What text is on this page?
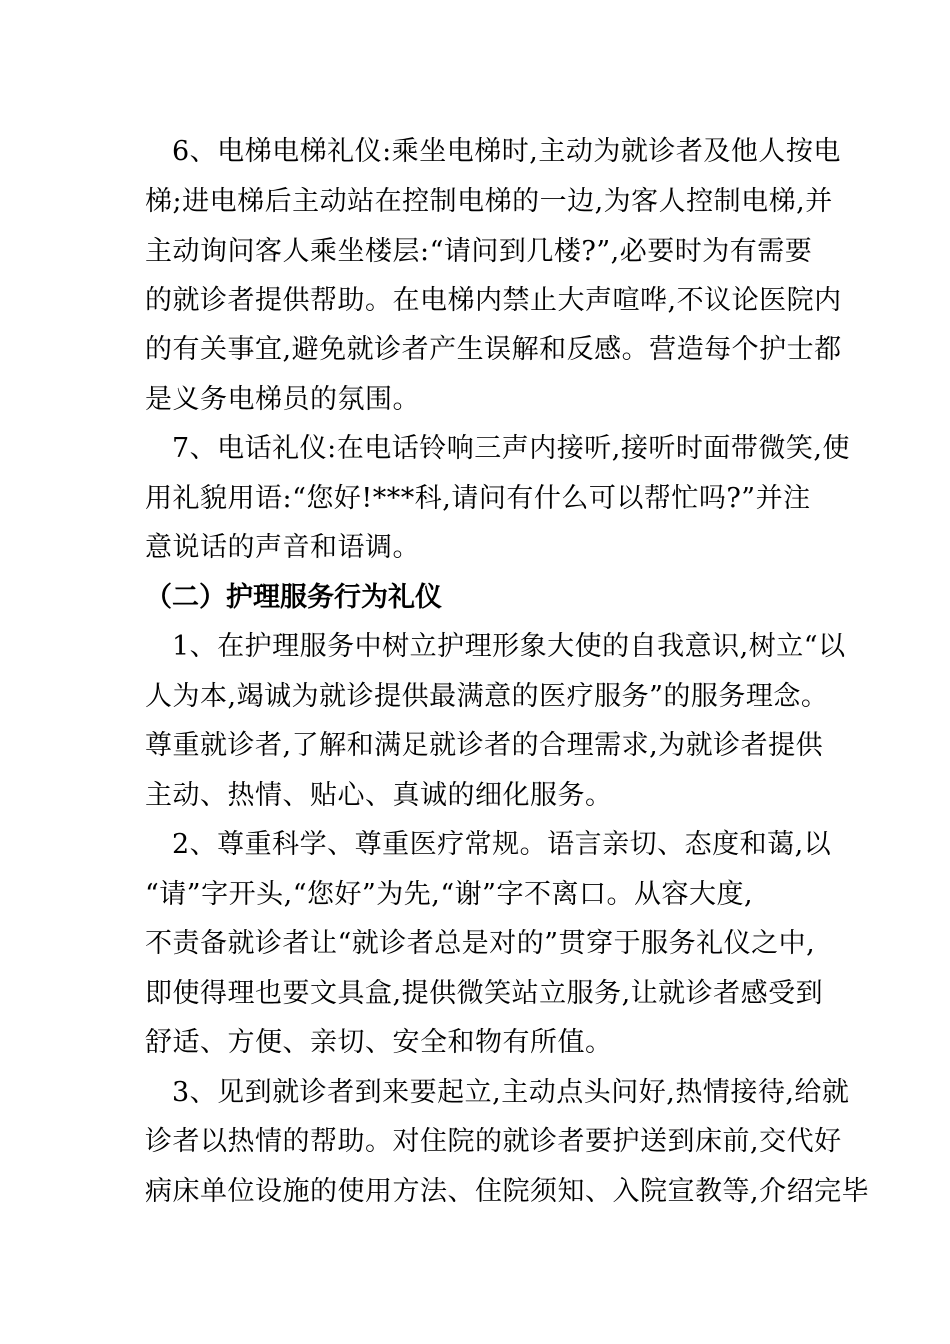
6、电梯电梯礼仪:乘坐电梯时,主动为就诊者及他人按电
梯;进电梯后主动站在控制电梯的一边,为客人控制电梯,并
主动询问客人乘坐楼层:“请问到几楼?”,必要时为有需要
的就诊者提供帮助。在电梯内禁止大声喧哗,不议论医院内
的有关事宜,避免就诊者产生误解和反感。营造每个护士都
是义务电梯员的氛围。
7、电话礼仪:在电话铃响三声内接听,接听时面带微笑,使
用礼貌用语:“您好!***科,请问有什么可以帮忙吗?”并注
意说话的声音和语调。
（二）护理服务行为礼仪
1、在护理服务中树立护理形象大使的自我意识,树立“以
人为本,竭诚为就诊提供最满意的医疗服务”的服务理念。
尊重就诊者,了解和满足就诊者的合理需求,为就诊者提供
主动、热情、贴心、真诚的细化服务。
2、尊重科学、尊重医疗常规。语言亲切、态度和蔼,以
“请”字开头,“您好”为先,“谢”字不离口。从容大度,
不责备就诊者让“就诊者总是对的”贯穿于服务礼仪之中,
即使得理也要文具盒,提供微笑站立服务,让就诊者感受到
舒适、方便、亲切、安全和物有所值。
3、见到就诊者到来要起立,主动点头问好,热情接待,给就
诊者以热情的帮助。对住院的就诊者要护送到床前,交代好
病床单位设施的使用方法、住院须知、入院宣教等,介绍完毕
